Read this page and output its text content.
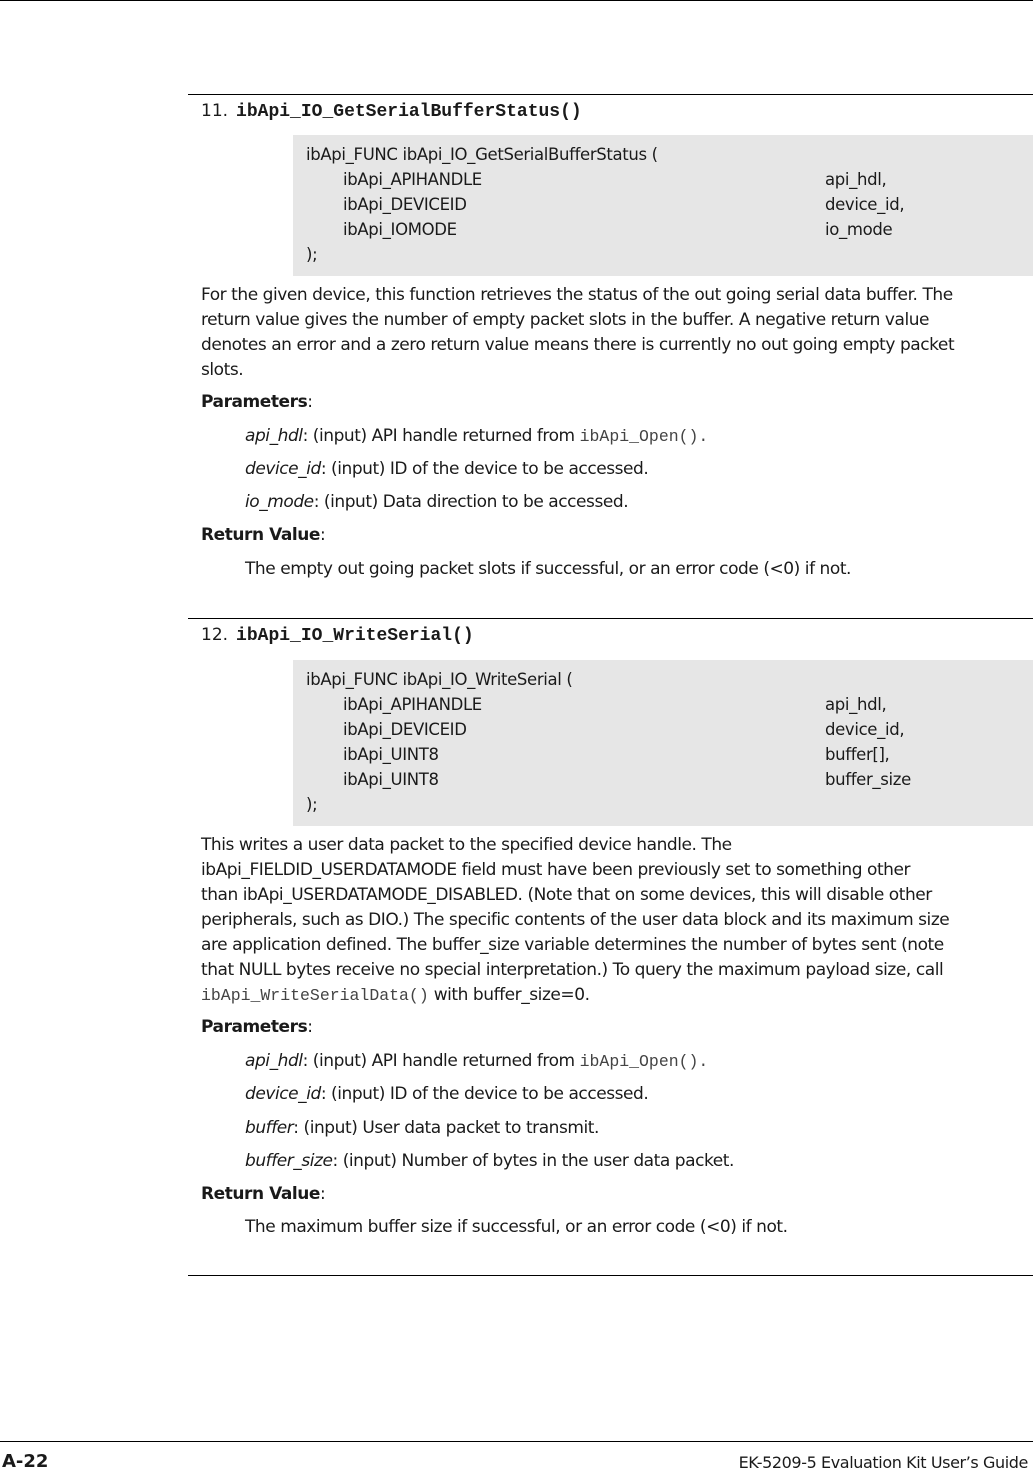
11. ibApi_IO_GetSerialBufferStatus()
ibApi_FUNC ibApi_IO_GetSerialBufferStatus (
ibApi_APIHANDLE	api_hdl,
ibApi_DEVICEID	device_id,
ibApi_IOMODE	io_mode
);
For the given device, this function retrieves the status of the out going serial data buffer. The
return value gives the number of empty packet slots in the buffer. A negative return value
denotes an error and a zero return value means there is currently no out going empty packet
slots.
Parameters:
api_hdl: (input) API handle returned from ibApi_Open().
device_id: (input) ID of the device to be accessed.
io_mode: (input) Data direction to be accessed.
Return Value:
The empty out going packet slots if successful, or an error code (<0) if not.
12. ibApi_IO_WriteSerial()
ibApi_FUNC ibApi_IO_WriteSerial (
ibApi_APIHANDLE	api_hdl,
ibApi_DEVICEID	device_id,
ibApi_UINT8	buffer[],
ibApi_UINT8	buffer_size
);
This writes a user data packet to the specified device handle. The
ibApi_FIELDID_USERDATAMODE field must have been previously set to something other
than ibApi_USERDATAMODE_DISABLED. (Note that on some devices, this will disable other
peripherals, such as DIO.) The specific contents of the user data block and its maximum size
are application defined. The buffer_size variable determines the number of bytes sent (note
that NULL bytes receive no special interpretation.) To query the maximum payload size, call
ibApi_WriteSerialData() with buffer_size=0.
Parameters:
api_hdl: (input) API handle returned from ibApi_Open().
device_id: (input) ID of the device to be accessed.
buffer: (input) User data packet to transmit.
buffer_size: (input) Number of bytes in the user data packet.
Return Value:
The maximum buffer size if successful, or an error code (<0) if not.
A-22	EK-5209-5 Evaluation Kit User’s Guide
